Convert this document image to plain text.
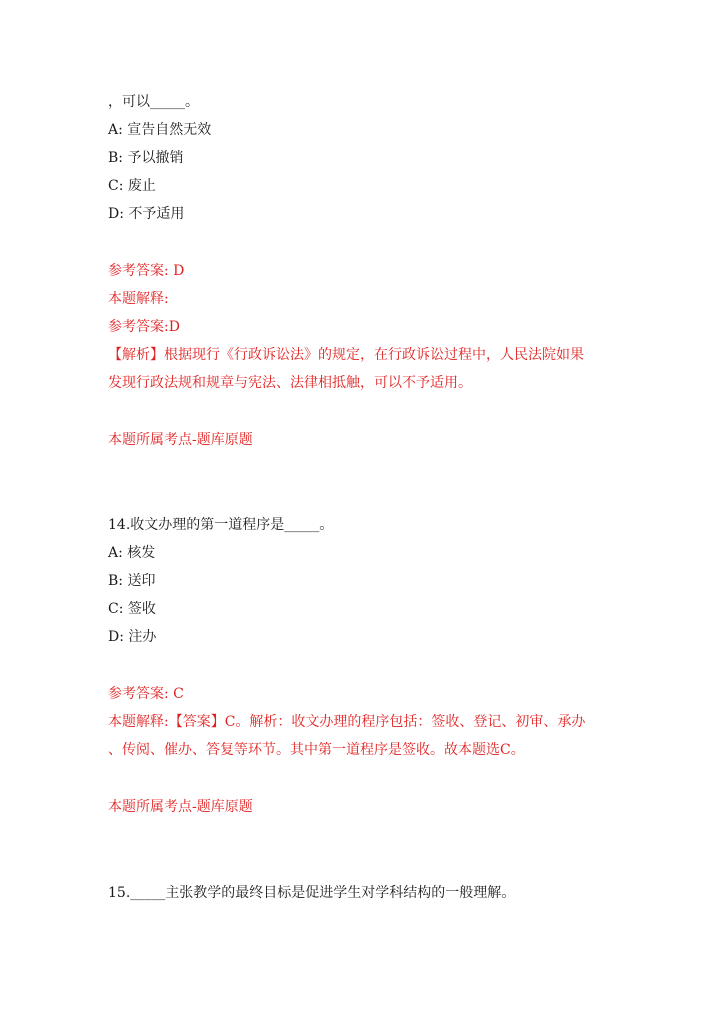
，可以_____。
A: 宣告自然无效
B: 予以撤销
C: 废止
D: 不予适用
参考答案: D
本题解释:
参考答案:D
【解析】根据现行《行政诉讼法》的规定，在行政诉讼过程中，人民法院如果
发现行政法规和规章与宪法、法律相抵触，可以不予适用。
本题所属考点-题库原题
14.收文办理的第一道程序是_____。
A: 核发
B: 送印
C: 签收
D: 注办
参考答案: C
本题解释:【答案】C。解析：收文办理的程序包括：签收、登记、初审、承办
、传阅、催办、答复等环节。其中第一道程序是签收。故本题选C。
本题所属考点-题库原题
15._____主张教学的最终目标是促进学生对学科结构的一般理解。
